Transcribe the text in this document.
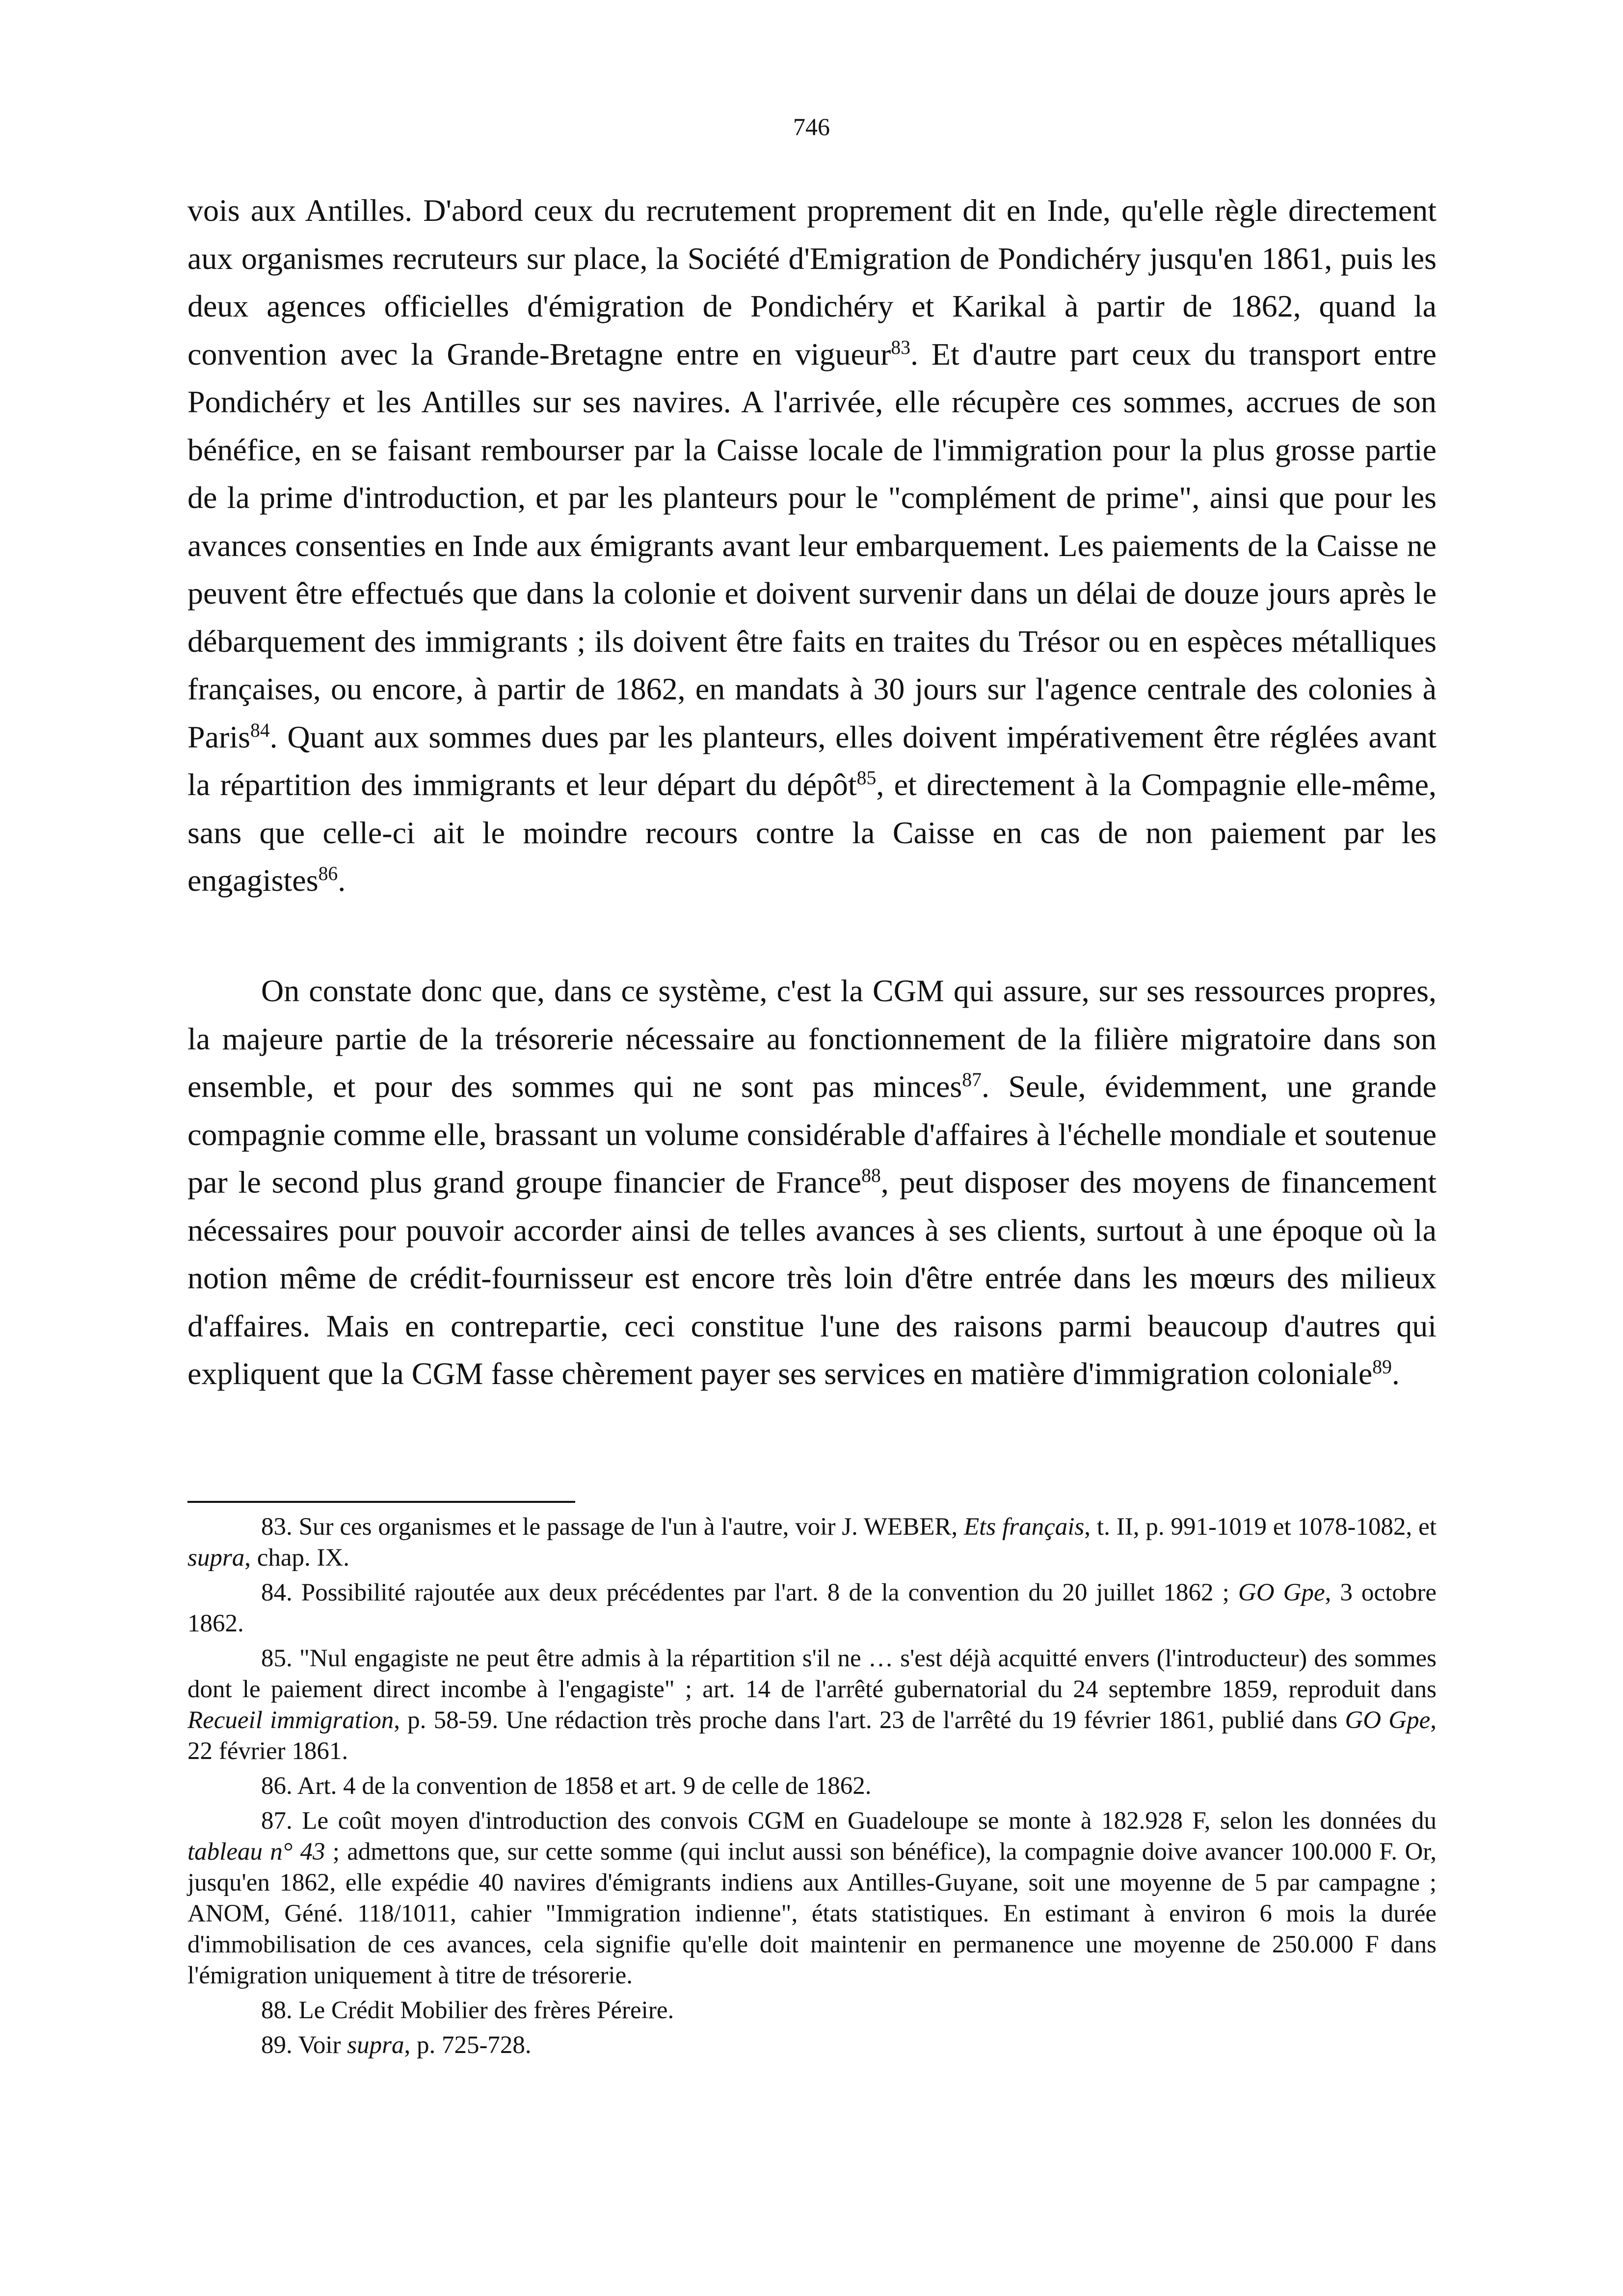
746

vois aux Antilles. D'abord ceux du recrutement proprement dit en Inde, qu'elle règle directement aux organismes recruteurs sur place, la Société d'Emigration de Pondichéry jusqu'en 1861, puis les deux agences officielles d'émigration de Pondichéry et Karikal à partir de 1862, quand la convention avec la Grande-Bretagne entre en vigueur$^{83}$. Et d'autre part ceux du transport entre Pondichéry et les Antilles sur ses navires. A l'arrivée, elle récupère ces sommes, accrues de son bénéfice, en se faisant rembourser par la Caisse locale de l'immigration pour la plus grosse partie de la prime d'introduction, et par les planteurs pour le "complément de prime", ainsi que pour les avances consenties en Inde aux émigrants avant leur embarquement. Les paiements de la Caisse ne peuvent être effectués que dans la colonie et doivent survenir dans un délai de douze jours après le débarquement des immigrants ; ils doivent être faits en traites du Trésor ou en espèces métalliques françaises, ou encore, à partir de 1862, en mandats à 30 jours sur l'agence centrale des colonies à Paris$^{84}$. Quant aux sommes dues par les planteurs, elles doivent impérativement être réglées avant la répartition des immigrants et leur départ du dépôt$^{85}$, et directement à la Compagnie elle-même, sans que celle-ci ait le moindre recours contre la Caisse en cas de non paiement par les engagistes$^{86}$.

On constate donc que, dans ce système, c'est la CGM qui assure, sur ses ressources propres, la majeure partie de la trésorerie nécessaire au fonctionnement de la filière migratoire dans son ensemble, et pour des sommes qui ne sont pas minces$^{87}$. Seule, évidemment, une grande compagnie comme elle, brassant un volume considérable d'affaires à l'échelle mondiale et soutenue par le second plus grand groupe financier de France$^{88}$, peut disposer des moyens de financement nécessaires pour pouvoir accorder ainsi de telles avances à ses clients, surtout à une époque où la notion même de crédit-fournisseur est encore très loin d'être entrée dans les mœurs des milieux d'affaires. Mais en contrepartie, ceci constitue l'une des raisons parmi beaucoup d'autres qui expliquent que la CGM fasse chèrement payer ses services en matière d'immigration coloniale$^{89}$.

83. Sur ces organismes et le passage de l'un à l'autre, voir J. WEBER, Ets français, t. II, p. 991-1019 et 1078-1082, et supra, chap. IX.

84. Possibilité rajoutée aux deux précédentes par l'art. 8 de la convention du 20 juillet 1862 ; GO Gpe, 3 octobre 1862.

85. "Nul engagiste ne peut être admis à la répartition s'il ne … s'est déjà acquitté envers (l'introducteur) des sommes dont le paiement direct incombe à l'engagiste" ; art. 14 de l'arrêté gubernatorial du 24 septembre 1859, reproduit dans Recueil immigration, p. 58-59. Une rédaction très proche dans l'art. 23 de l'arrêté du 19 février 1861, publié dans GO Gpe, 22 février 1861.

86. Art. 4 de la convention de 1858 et art. 9 de celle de 1862.

87. Le coût moyen d'introduction des convois CGM en Guadeloupe se monte à 182.928 F, selon les données du tableau n° 43 ; admettons que, sur cette somme (qui inclut aussi son bénéfice), la compagnie doive avancer 100.000 F. Or, jusqu'en 1862, elle expédie 40 navires d'émigrants indiens aux Antilles-Guyane, soit une moyenne de 5 par campagne ; ANOM, Géné. 118/1011, cahier "Immigration indienne", états statistiques. En estimant à environ 6 mois la durée d'immobilisation de ces avances, cela signifie qu'elle doit maintenir en permanence une moyenne de 250.000 F dans l'émigration uniquement à titre de trésorerie.

88. Le Crédit Mobilier des frères Péreire.

89. Voir supra, p. 725-728.
